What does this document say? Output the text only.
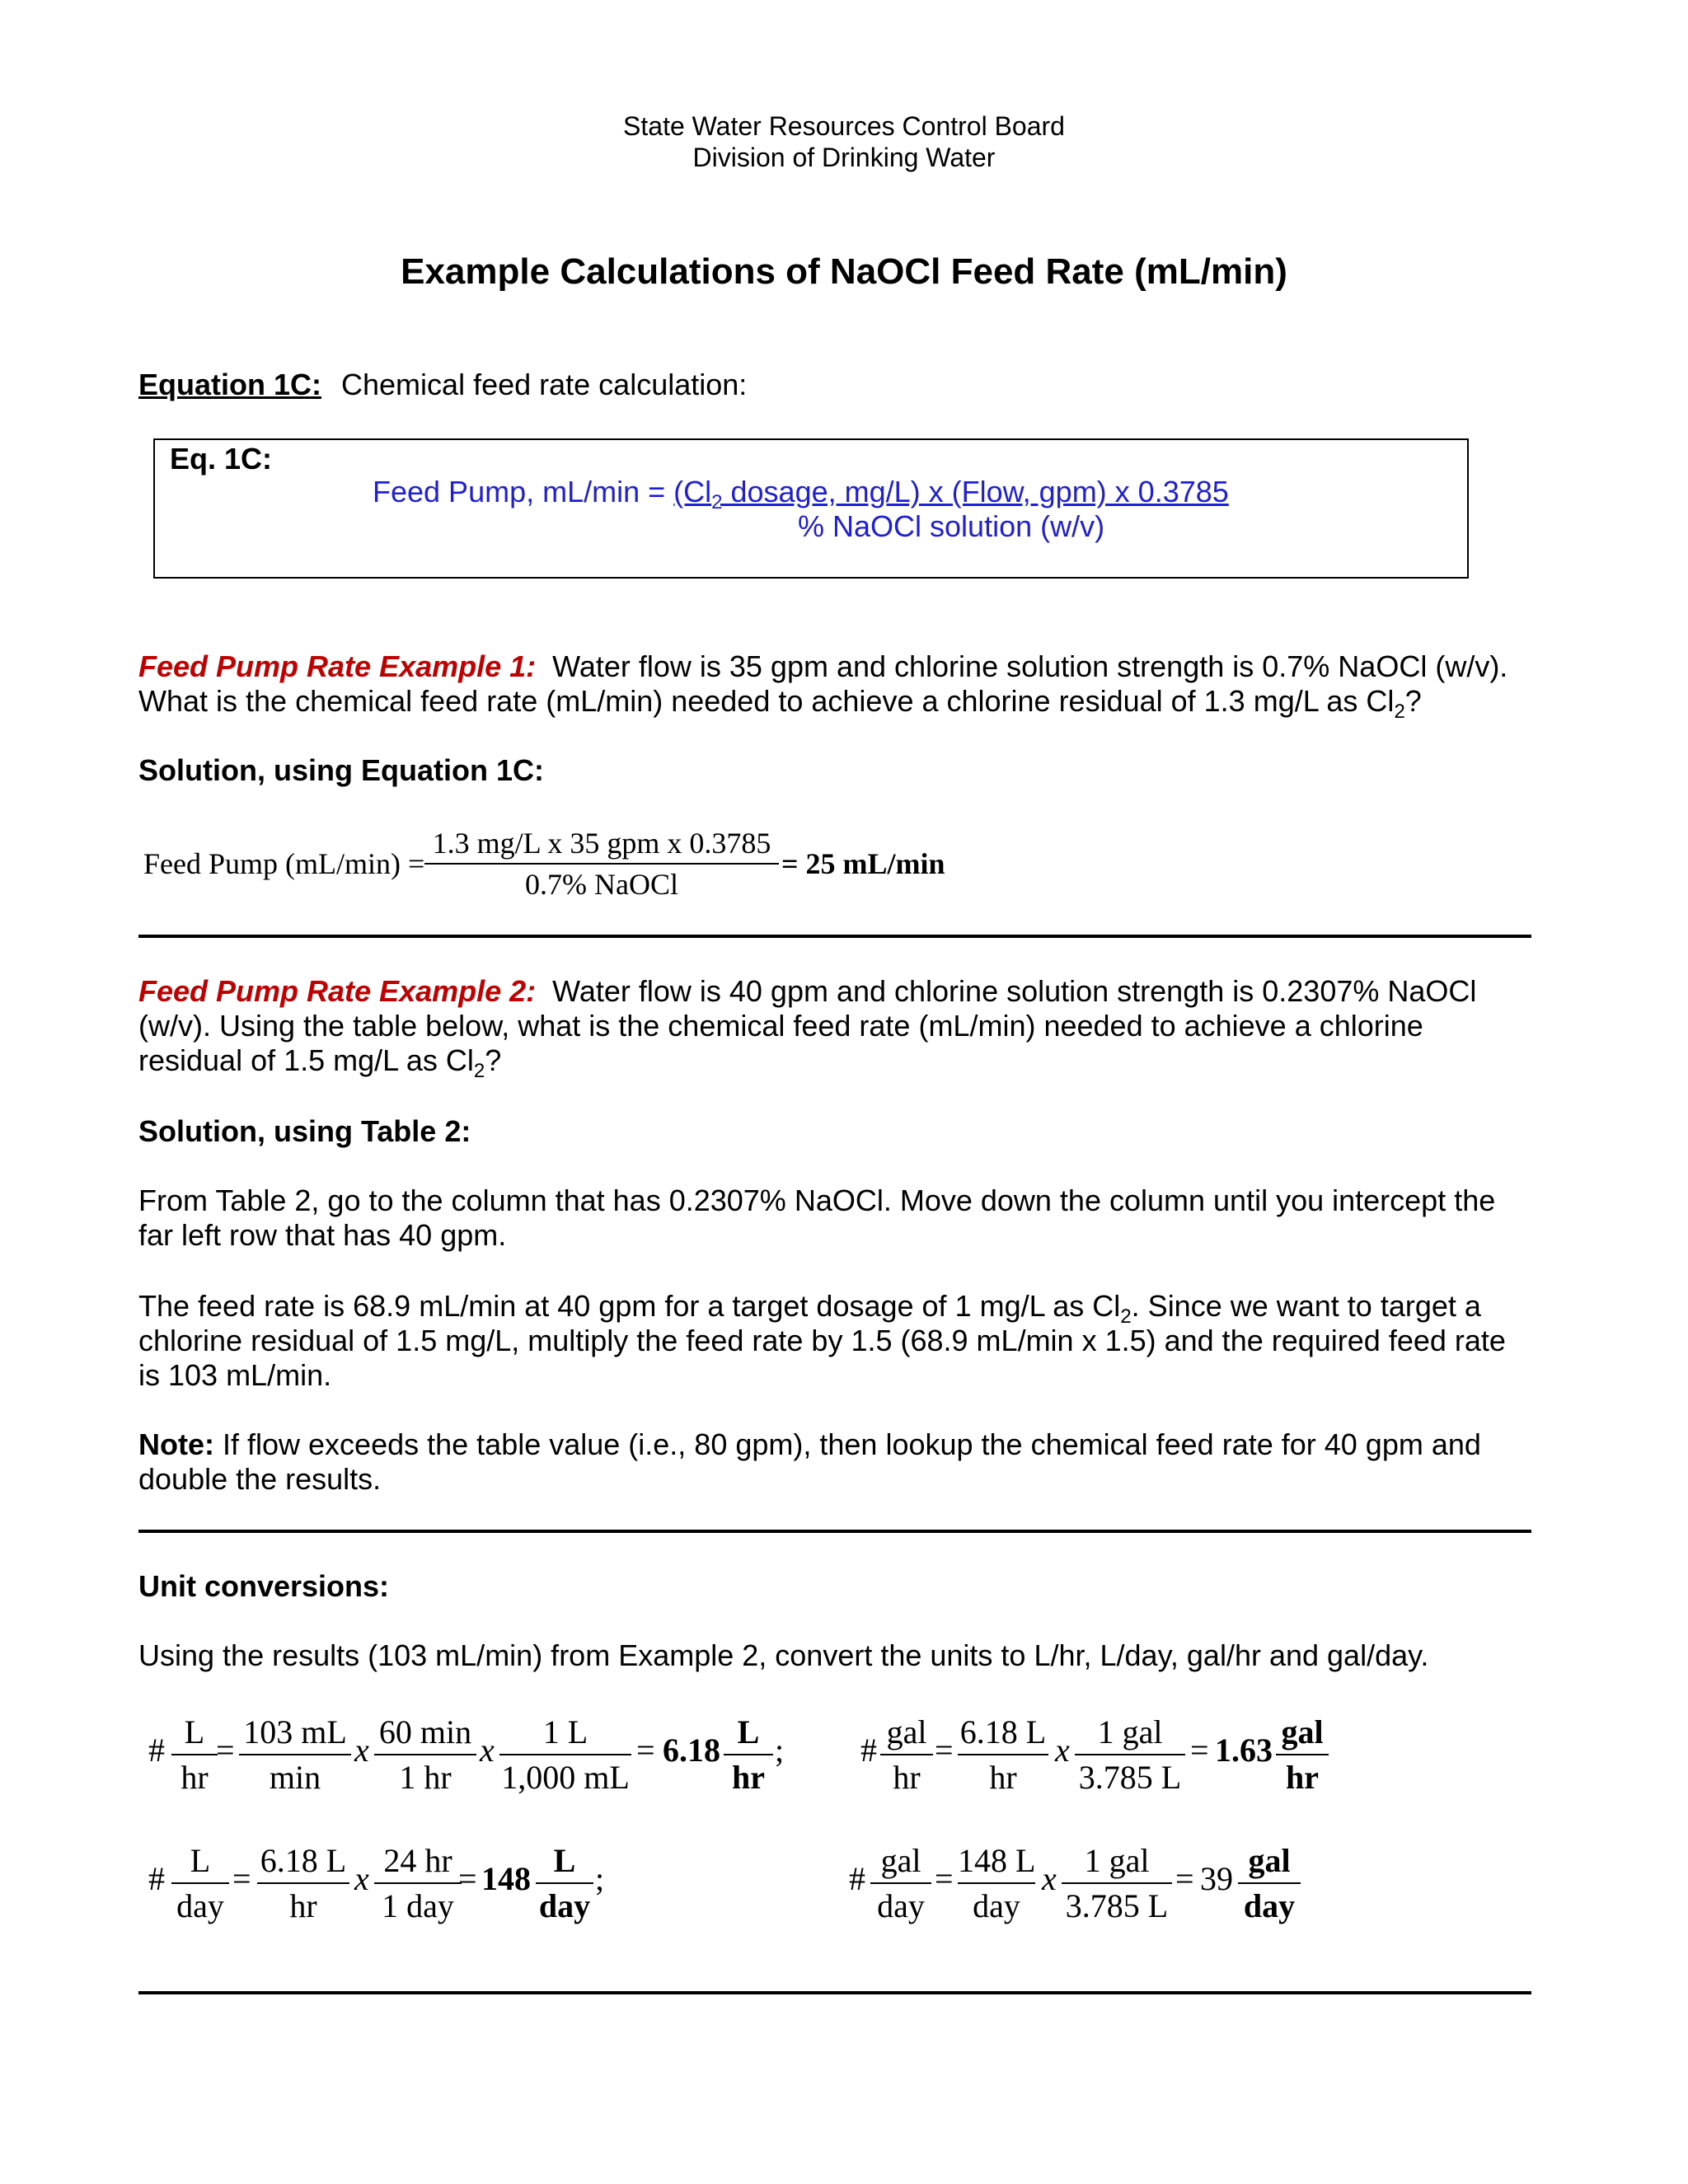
State Water Resources Control Board
Division of Drinking Water
Example Calculations of NaOCl Feed Rate (mL/min)
Equation 1C: Chemical feed rate calculation:
Eq. 1C:
Feed Pump, $mL/\min = (Cl_2$ dosage, mg/L) x (Flow, gpm) x 0.3785
% NaOCl solution (w/v)
Feed Pump Rate Example 1: Water flow is 35 gpm and chlorine solution strength is 0.7% NaOCl (w/v).
What is the chemical feed rate (mL/min) needed to achieve a chlorine residual of 1.3 mg/L as $Cl_2$?
Solution, using Equation 1C:
Feed Pump (mL/min) =
1.3 mg/L x 35 gpm x 0.3785
0.7% NaOCl
= 25 mL/min
Feed Pump Rate Example 2: Water flow is 40 gpm and chlorine solution strength is 0.2307% NaOCl
(w/v). Using the table below, what is the chemical feed rate (mL/min) needed to achieve a chlorine
residual of 1.5 mg/L as $Cl_2$?
Solution, using Table 2:
From Table 2, go to the column that has 0.2307% NaOCl. Move down the column until you intercept the
far left row that has 40 gpm.
The feed rate is 68.9 mL/min at 40 gpm for a target dosage of 1 mg/L as $Cl_2$. Since we want to target a
chlorine residual of 1.5 mg/L, multiply the feed rate by 1.5 (68.9 mL/min x 1.5) and the required feed rate
is 103 mL/min.
Note: If flow exceeds the table value (i.e., 80 gpm), then lookup the chemical feed rate for 40 gpm and
double the results.
Unit conversions:
Using the results (103 mL/min) from Example 2, convert the units to L/hr, L/day, gal/hr and gal/day.
# L
hr
= 103 mL
min
x 60 min
1 hr
x	1 L
1,000 mL
= 6.18 L
hr
; # gal
hr
= 6.18 L
hr
x 1 gal
3.785 L
= 1.63 gal
hr
# L
day
= 6.18 L
hr
x 24 hr
1 day
= 148 L
day
;	# gal
day
= 148 L
day
x 1 gal
3.785 L
= 39 gal
day
